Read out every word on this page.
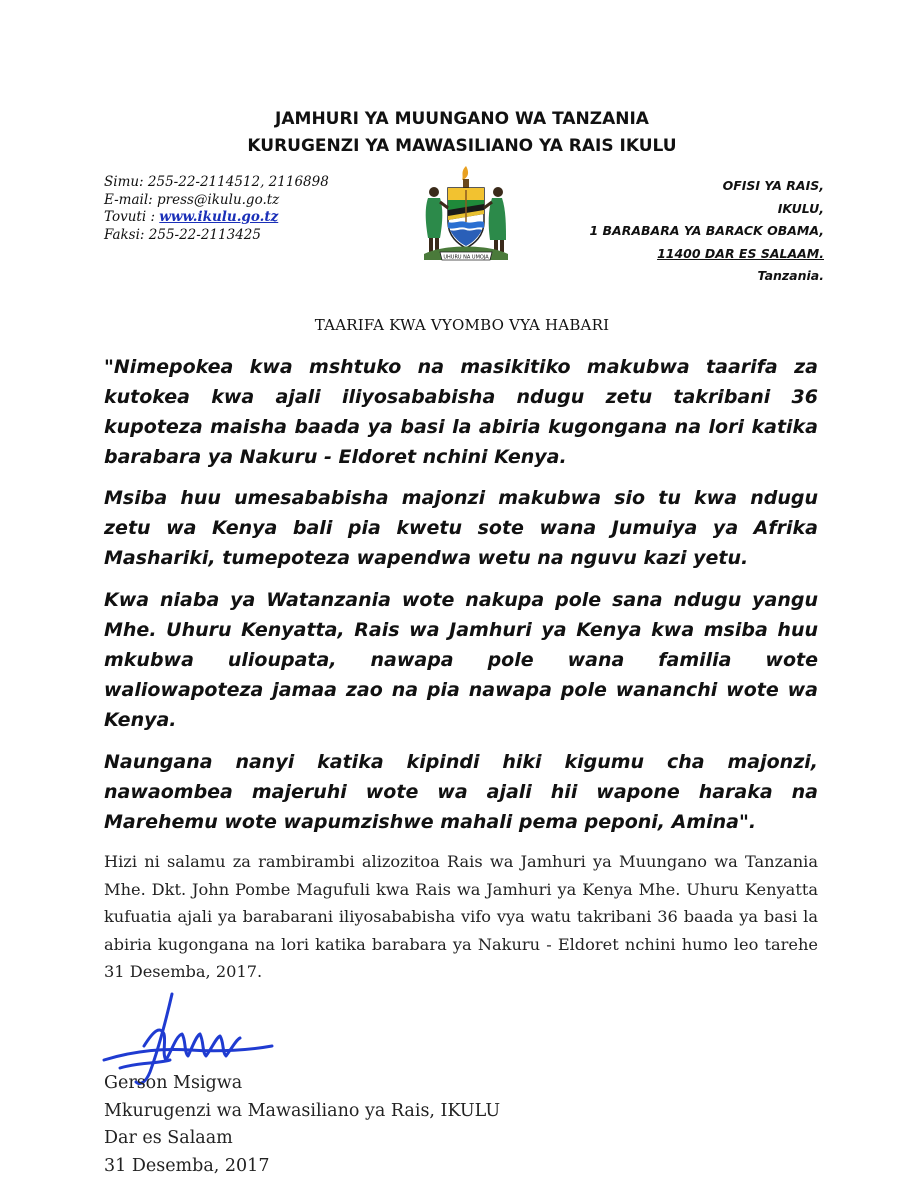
JAMHURI YA MUUNGANO WA TANZANIA
KURUGENZI YA MAWASILIANO YA RAIS IKULU
Simu: 255-22-2114512, 2116898
E-mail: press@ikulu.go.tz
Tovuti : www.ikulu.go.tz
Faksi: 255-22-2113425
UHURU NA UMOJA
OFISI YA RAIS,
IKULU,
1 BARABARA YA BARACK OBAMA,
11400 DAR ES SALAAM.
Tanzania.
TAARIFA KWA VYOMBO VYA HABARI

"Nimepokea kwa mshtuko na masikitiko makubwa taarifa za kutokea kwa ajali iliyosababisha ndugu zetu takribani 36 kupoteza maisha baada ya basi la abiria kugongana na lori katika barabara ya Nakuru - Eldoret nchini Kenya.

Msiba huu umesababisha majonzi makubwa sio tu kwa ndugu zetu wa Kenya bali pia kwetu sote wana Jumuiya ya Afrika Mashariki, tumepoteza wapendwa wetu na nguvu kazi yetu.

Kwa niaba ya Watanzania wote nakupa pole sana ndugu yangu Mhe. Uhuru Kenyatta, Rais wa Jamhuri ya Kenya kwa msiba huu mkubwa ulioupata, nawapa pole wana familia wote waliowapoteza jamaa zao na pia nawapa pole wananchi wote wa Kenya.

Naungana nanyi katika kipindi hiki kigumu cha majonzi, nawaombea majeruhi wote wa ajali hii wapone haraka na Marehemu wote wapumzishwe mahali pema peponi, Amina".

Hizi ni salamu za rambirambi alizozitoa Rais wa Jamhuri ya Muungano wa Tanzania Mhe. Dkt. John Pombe Magufuli kwa Rais wa Jamhuri ya Kenya Mhe. Uhuru Kenyatta kufuatia ajali ya barabarani iliyosababisha vifo vya watu takribani 36 baada ya basi la abiria kugongana na lori katika barabara ya Nakuru - Eldoret nchini humo leo tarehe 31 Desemba, 2017.

Gerson Msigwa
Mkurugenzi wa Mawasiliano ya Rais, IKULU
Dar es Salaam
31 Desemba, 2017
